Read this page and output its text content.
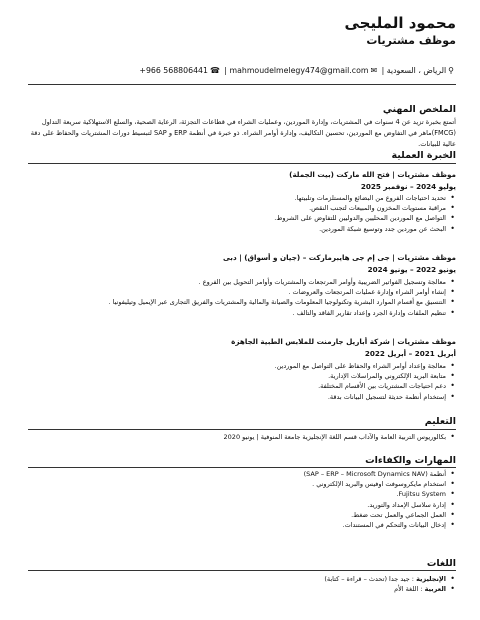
محمود المليجى
موظف مشتريات
⚲الرياض ، السعودية | ✉mahmoudelmelegy474@gmail.com | ☎+966 568806441
الملخص المهني
أتمتع بخبرة تزيد عن 4 سنوات في المشتريات، وإدارة الموردين، وعمليات الشراء في قطاعات التجزئة، الرعاية الصحية، والسلع الاستهلاكية سريعة التداول (FMCG)ماهر في التفاوض مع الموردين، تحسين التكاليف، وإدارة أوامر الشراء. ذو خبرة في أنظمة ERP و SAP لتبسيط دورات المشتريات والحفاظ على دقة عالية للبيانات.
الخبرة العملية
موظف مشتريات | فتح الله ماركت (بيت الجملة)
يوليو 2024 – نوفمبر 2025
• تحديد احتياجات الفروع من البضائع والمستلزمات وتلبيتها.
• مراقبة مستويات المخزون والمبيعات لتجنب النقص.
• التواصل مع الموردين المحليين والدوليين للتفاوض على الشروط.
• البحث عن موردين جدد وتوسيع شبكة الموردين.
موظف مشتريات | جى إم جى هايبرماركت – (جيان و أسواق) | دبى
يونيو 2022 – يونيو 2024
• معالجة وتسجيل الفواتير الضريبية وأوامر المرتجعات والمشتريات وأوامر التحويل بين الفروع .
• إنشاء أوامر الشراء وإدارة عمليات المرتجعات والعروضات .
• التنسيق مع أقسام الموارد البشرية وتكنولوجيا المعلومات والصيانة والمالية والمشتريات والفريق التجارى عبر الإيميل وتيليفونيا .
• تنظيم الملفات وإدارة الجرد وإعداد تقارير الفاقد والتالف .
موظف مشتريات | شركة أباريل جارمنت للملابس الطبية الجاهزة
أبريل 2021 – أبريل 2022
• معالجة وإعداد أوامر الشراء والحفاظ على التواصل مع الموردين.
• متابعة البريد الإلكتروني والمراسلات الإدارية.
• دعم احتياجات المشتريات بين الأقسام المختلفة.
• إستخدام أنظمة حديثة لتسجيل البيانات بدقة.
التعليم
• بكالوريوس التربية العامة والآداب قسم اللغة الإنجليزية جامعة المنوفية | يونيو 2020
المهارات والكفاءات
• أنظمة (SAP – ERP – Microsoft Dynamics NAV)
• استخدام مايكروسوفت اوفيس والبريد الإلكتروني .
• Fujitsu System.
• إدارة سلاسل الإمداد والتوريد.
• العمل الجماعي والعمل تحت ضغط.
• إدخال البيانات والتحكم في المستندات.
اللغات
• الإنجليزية : جيد جدا (تحدث – قراءة – كتابة)
• العربية : اللغة الأم
